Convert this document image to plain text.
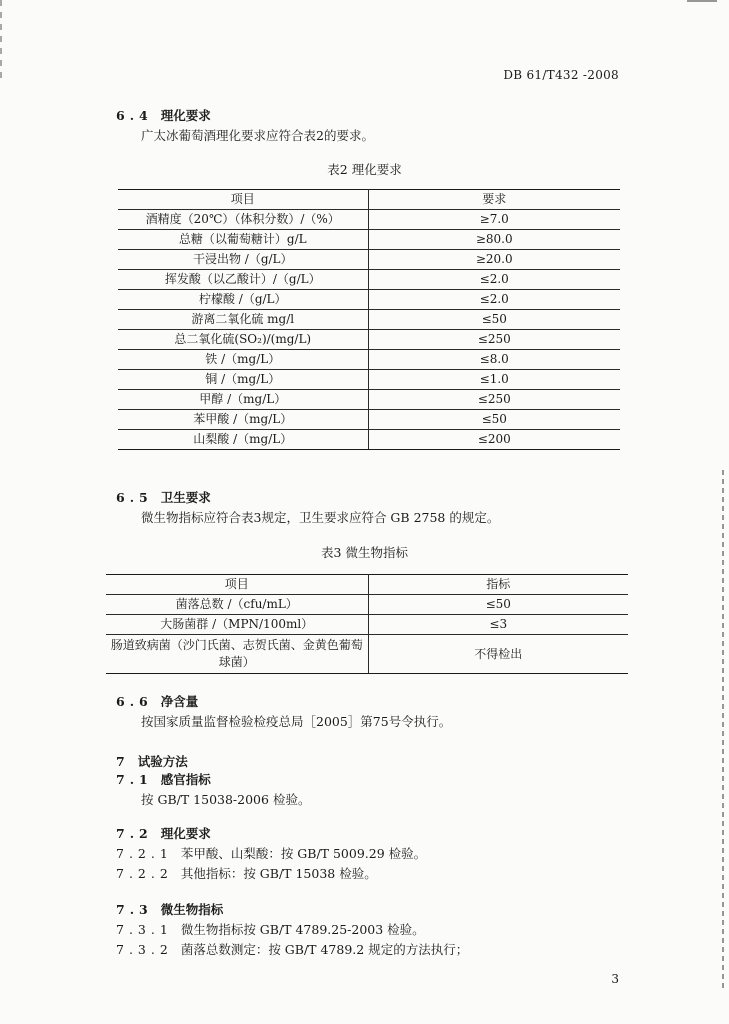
DB 61/T432 -2008
6.4 理化要求
广太冰葡萄酒理化要求应符合表2的要求。
表2 理化要求
项目	要求
酒精度（20℃）（体积分数）/（%）	≥7.0
总糖（以葡萄糖计）g/L	≥80.0
干浸出物 /（g/L）	≥20.0
挥发酸（以乙酸计）/（g/L）	≤2.0
柠檬酸 /（g/L）	≤2.0
游离二氧化硫 mg/l	≤50
总二氧化硫(SO₂)/(mg/L)	≤250
铁 /（mg/L）	≤8.0
铜 /（mg/L）	≤1.0
甲醇 /（mg/L）	≤250
苯甲酸 /（mg/L）	≤50
山梨酸 /（mg/L）	≤200
6.5 卫生要求
微生物指标应符合表3规定，卫生要求应符合 GB 2758 的规定。
表3 微生物指标
项目	指标
菌落总数 /（cfu/mL）	≤50
大肠菌群 /（MPN/100ml）	≤3
肠道致病菌（沙门氏菌、志贺氏菌、金黄色葡萄球菌）	不得检出
6.6 净含量
按国家质量监督检验检疫总局［2005］第75号令执行。
7 试验方法
7.1 感官指标
按 GB/T 15038-2006 检验。
7.2 理化要求
7.2.1 苯甲酸、山梨酸：按 GB/T 5009.29 检验。
7.2.2 其他指标：按 GB/T 15038 检验。
7.3 微生物指标
7.3.1 微生物指标按 GB/T 4789.25-2003 检验。
7.3.2 菌落总数测定：按 GB/T 4789.2 规定的方法执行；
3
